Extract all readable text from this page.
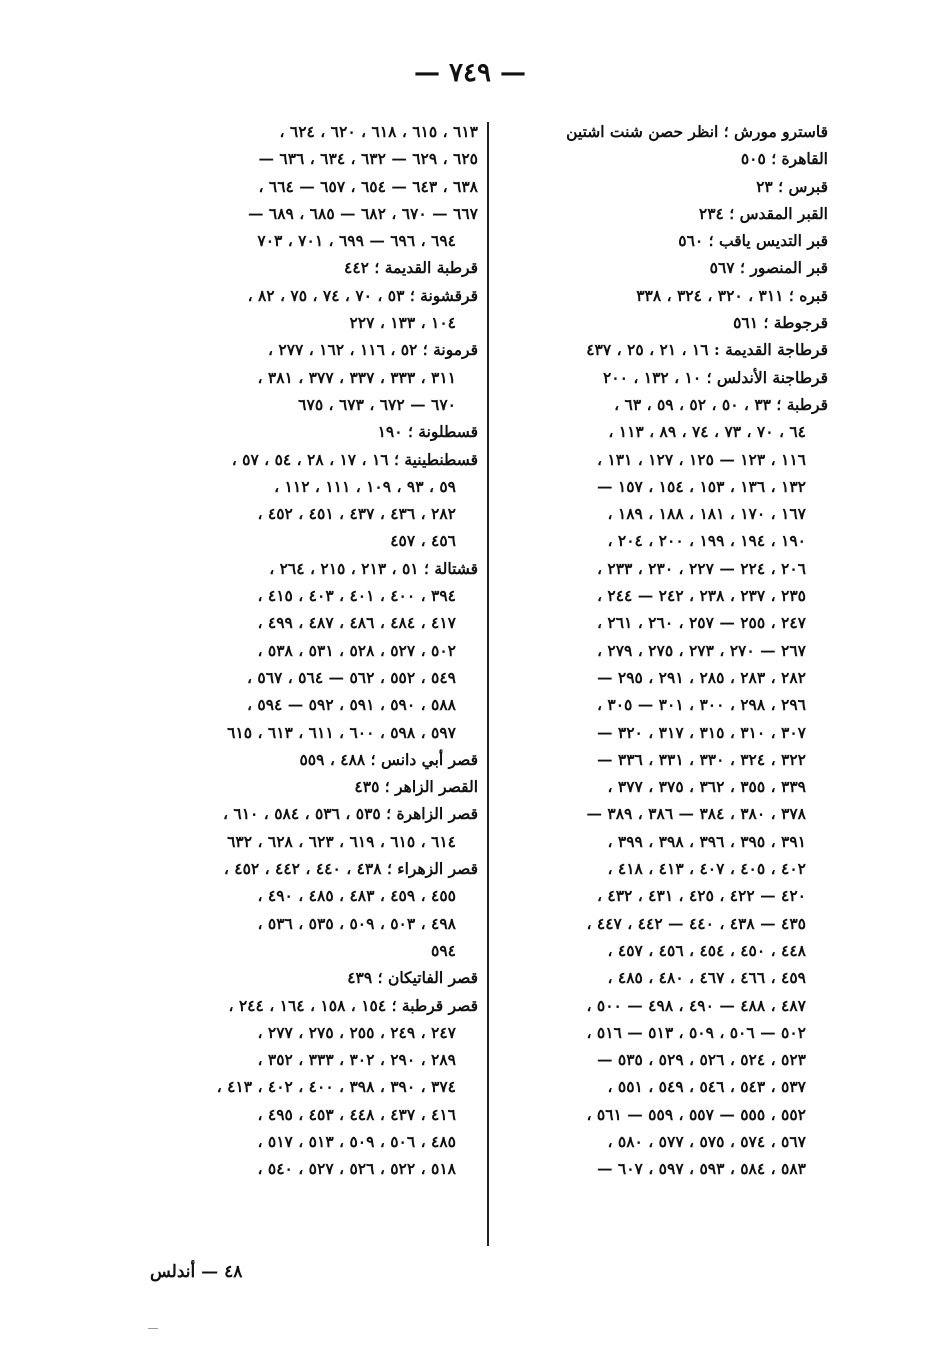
— ٧٤٩ —
قاسترو مورش ؛ انظر حصن شنت اشتين
القاهرة ؛ ٥٠٥
قبرس ؛ ٢٣
القبر المقدس ؛ ٢٣٤
قبر التديس ياقب ؛ ٥٦٠
قبر المنصور ؛ ٥٦٧
قبره ؛ ٣١١ ، ٣٢٠ ، ٣٢٤ ، ٣٣٨
قرجوطة ؛ ٥٦١
قرطاجة القديمة : ١٦ ، ٢١ ، ٢٥ ، ٤٣٧
قرطاجنة الأندلس ؛ ١٠ ، ١٣٢ ، ٢٠٠
قرطبة ؛ ٣٣ ، ٥٠ ، ٥٢ ، ٥٩ ، ٦٣ ،
٦٤ ، ٧٠ ، ٧٣ ، ٧٤ ، ٨٩ ، ١١٣ ،
١١٦ ، ١٢٣ — ١٢٥ ، ١٢٧ ، ١٣١ ،
١٣٢ ، ١٣٦ ، ١٥٣ ، ١٥٤ ، ١٥٧ —
١٦٧ ، ١٧٠ ، ١٨١ ، ١٨٨ ، ١٨٩ ،
١٩٠ ، ١٩٤ ، ١٩٩ ، ٢٠٠ ، ٢٠٤ ،
٢٠٦ ، ٢٢٤ — ٢٢٧ ، ٢٣٠ ، ٢٣٣ ،
٢٣٥ ، ٢٣٧ ، ٢٣٨ ، ٢٤٢ — ٢٤٤ ،
٢٤٧ ، ٢٥٥ — ٢٥٧ ، ٢٦٠ ، ٢٦١ ،
٢٦٧ — ٢٧٠ ، ٢٧٣ ، ٢٧٥ ، ٢٧٩ ،
٢٨٢ ، ٢٨٣ ، ٢٨٥ ، ٢٩١ ، ٢٩٥ —
٢٩٦ ، ٢٩٨ ، ٣٠٠ ، ٣٠١ — ٣٠٥ ،
٣٠٧ ، ٣١٠ ، ٣١٥ ، ٣١٧ ، ٣٢٠ —
٣٢٢ ، ٣٢٤ ، ٣٣٠ ، ٣٣١ ، ٣٣٦ —
٣٣٩ ، ٣٥٥ ، ٣٦٢ ، ٣٧٥ ، ٣٧٧ ،
٣٧٨ ، ٣٨٠ ، ٣٨٤ — ٣٨٦ ، ٣٨٩ —
٣٩١ ، ٣٩٥ ، ٣٩٦ ، ٣٩٨ ، ٣٩٩ ،
٤٠٢ ، ٤٠٥ ، ٤٠٧ ، ٤١٣ ، ٤١٨ ،
٤٢٠ — ٤٢٢ ، ٤٢٥ ، ٤٣١ ، ٤٣٢ ،
٤٣٥ — ٤٣٨ ، ٤٤٠ — ٤٤٢ ، ٤٤٧ ،
٤٤٨ ، ٤٥٠ ، ٤٥٤ ، ٤٥٦ ، ٤٥٧ ،
٤٥٩ ، ٤٦٦ ، ٤٦٧ ، ٤٨٠ ، ٤٨٥ ،
٤٨٧ ، ٤٨٨ — ٤٩٠ ، ٤٩٨ — ٥٠٠ ،
٥٠٢ — ٥٠٦ ، ٥٠٩ ، ٥١٣ — ٥١٦ ،
٥٢٣ ، ٥٢٤ ، ٥٢٦ ، ٥٢٩ ، ٥٣٥ —
٥٣٧ ، ٥٤٣ ، ٥٤٦ ، ٥٤٩ ، ٥٥١ ،
٥٥٢ ، ٥٥٥ — ٥٥٧ ، ٥٥٩ — ٥٦١ ،
٥٦٧ ، ٥٧٤ ، ٥٧٥ ، ٥٧٧ ، ٥٨٠ ،
٥٨٣ ، ٥٨٤ ، ٥٩٣ ، ٥٩٧ ، ٦٠٧ —
٦١٣ ، ٦١٥ ، ٦١٨ ، ٦٢٠ ، ٦٢٤ ،
٦٢٥ ، ٦٢٩ — ٦٣٢ ، ٦٣٤ ، ٦٣٦ —
٦٣٨ ، ٦٤٣ — ٦٥٤ ، ٦٥٧ — ٦٦٤ ،
٦٦٧ — ٦٧٠ ، ٦٨٢ — ٦٨٥ ، ٦٨٩ —
٦٩٤ ، ٦٩٦ — ٦٩٩ ، ٧٠١ ، ٧٠٣
قرطبة القديمة ؛ ٤٤٢
قرقشونة ؛ ٥٣ ، ٧٠ ، ٧٤ ، ٧٥ ، ٨٢ ،
١٠٤ ، ١٣٣ ، ٢٢٧
قرمونة ؛ ٥٢ ، ١١٦ ، ١٦٢ ، ٢٧٧ ،
٣١١ ، ٣٣٣ ، ٣٣٧ ، ٣٧٧ ، ٣٨١ ،
٦٧٠ — ٦٧٢ ، ٦٧٣ ، ٦٧٥
قسطلونة ؛ ١٩٠
قسطنطينية ؛ ١٦ ، ١٧ ، ٢٨ ، ٥٤ ، ٥٧ ،
٥٩ ، ٩٣ ، ١٠٩ ، ١١١ ، ١١٢ ،
٢٨٢ ، ٤٣٦ ، ٤٣٧ ، ٤٥١ ، ٤٥٢ ،
٤٥٦ ، ٤٥٧
قشتالة ؛ ٥١ ، ٢١٣ ، ٢١٥ ، ٢٦٤ ،
٣٩٤ ، ٤٠٠ ، ٤٠١ ، ٤٠٣ ، ٤١٥ ،
٤١٧ ، ٤٨٤ ، ٤٨٦ ، ٤٨٧ ، ٤٩٩ ،
٥٠٢ ، ٥٢٧ ، ٥٢٨ ، ٥٣١ ، ٥٣٨ ،
٥٤٩ ، ٥٥٢ ، ٥٦٢ — ٥٦٤ ، ٥٦٧ ،
٥٨٨ ، ٥٩٠ ، ٥٩١ ، ٥٩٢ — ٥٩٤ ،
٥٩٧ ، ٥٩٨ ، ٦٠٠ ، ٦١١ ، ٦١٣ ، ٦١٥
قصر أبي دانس ؛ ٤٨٨ ، ٥٥٩
القصر الزاهر ؛ ٤٣٥
قصر الزاهرة ؛ ٥٣٥ ، ٥٣٦ ، ٥٨٤ ، ٦١٠ ،
٦١٤ ، ٦١٥ ، ٦١٩ ، ٦٢٣ ، ٦٢٨ ، ٦٣٢
قصر الزهراء ؛ ٤٣٨ ، ٤٤٠ ، ٤٤٢ ، ٤٥٢ ،
٤٥٥ ، ٤٥٩ ، ٤٨٣ ، ٤٨٥ ، ٤٩٠ ،
٤٩٨ ، ٥٠٣ ، ٥٠٩ ، ٥٣٥ ، ٥٣٦ ،
٥٩٤
قصر الفاتيكان ؛ ٤٣٩
قصر قرطبة ؛ ١٥٤ ، ١٥٨ ، ١٦٤ ، ٢٤٤ ،
٢٤٧ ، ٢٤٩ ، ٢٥٥ ، ٢٧٥ ، ٢٧٧ ،
٢٨٩ ، ٢٩٠ ، ٣٠٢ ، ٣٣٣ ، ٣٥٢ ،
٣٧٤ ، ٣٩٠ ، ٣٩٨ ، ٤٠٠ ، ٤٠٢ ، ٤١٣ ،
٤١٦ ، ٤٣٧ ، ٤٤٨ ، ٤٥٣ ، ٤٩٥ ،
٤٨٥ ، ٥٠٦ ، ٥٠٩ ، ٥١٣ ، ٥١٧ ،
٥١٨ ، ٥٢٢ ، ٥٢٦ ، ٥٢٧ ، ٥٤٠ ،
٤٨ — أندلس
